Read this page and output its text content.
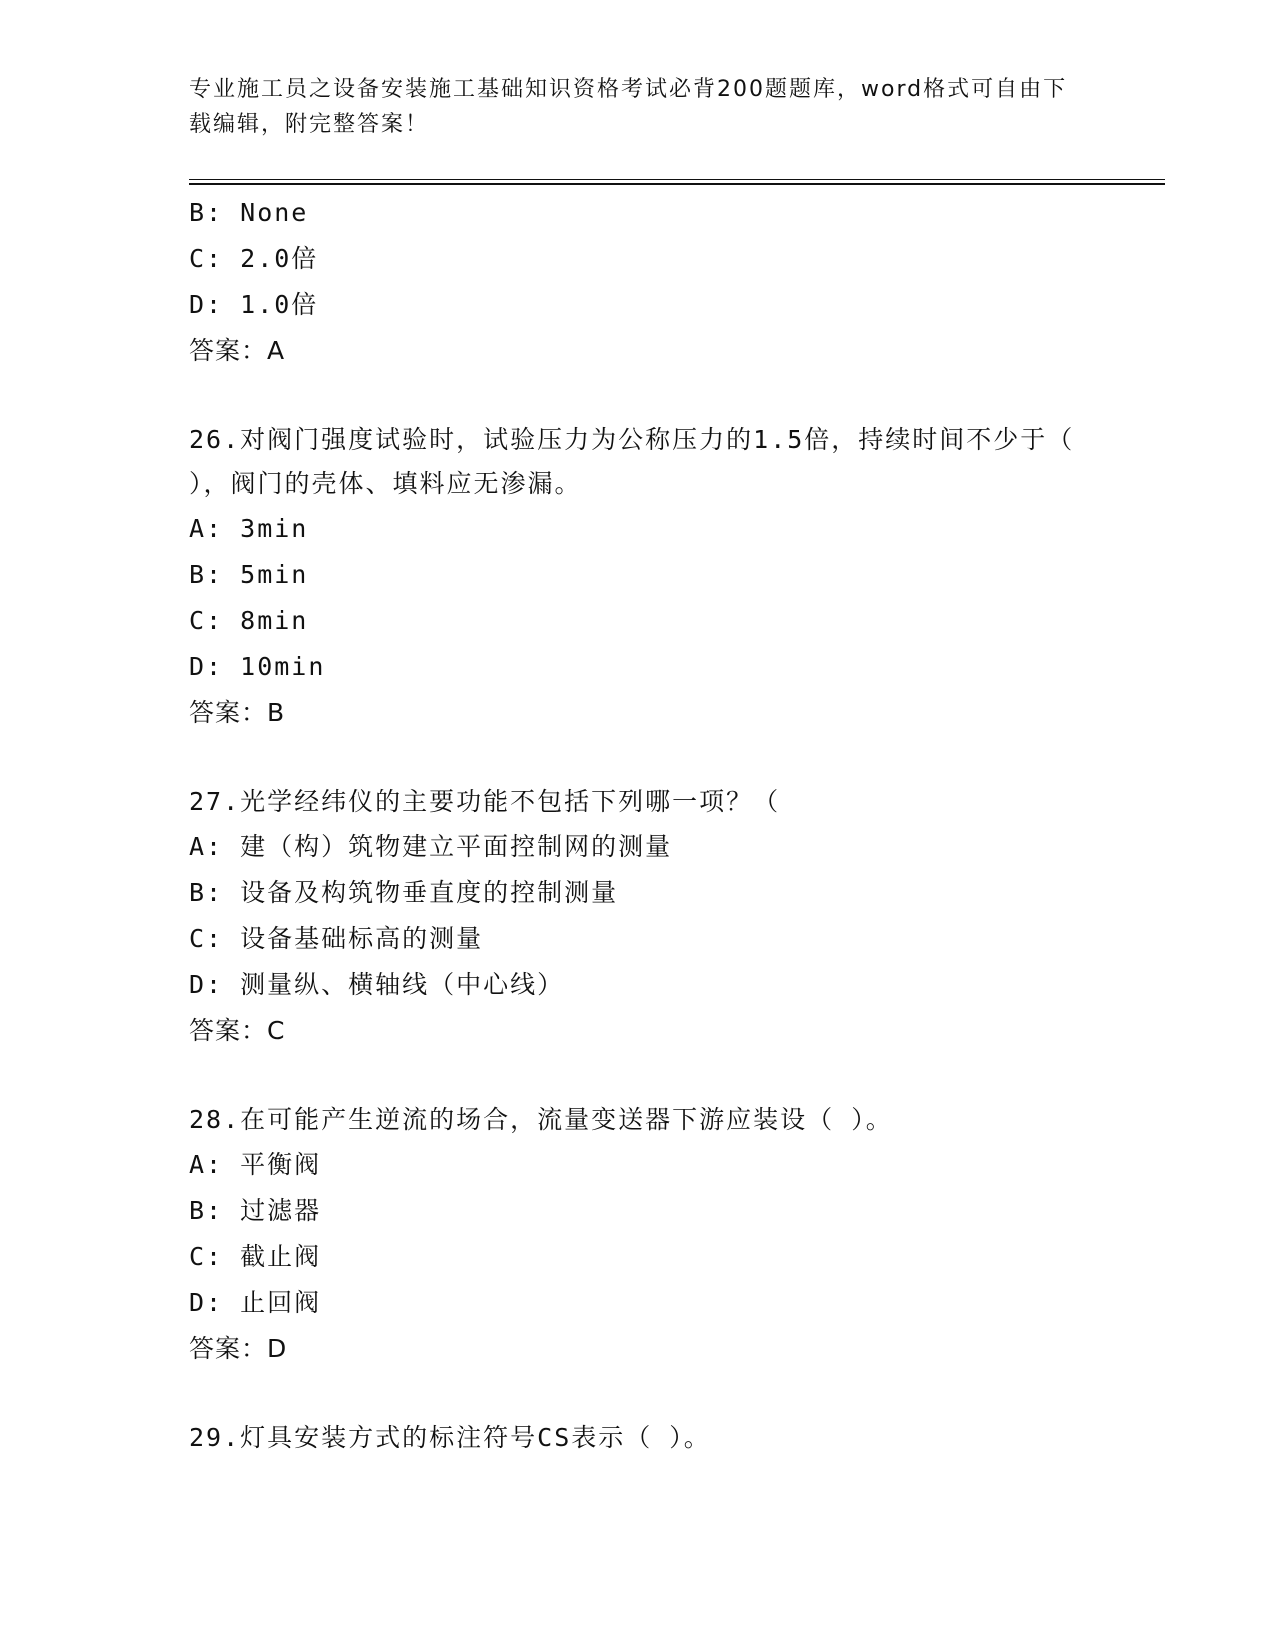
专业施工员之设备安装施工基础知识资格考试必背200题题库，word格式可自由下载编辑，附完整答案！
B: None
C: 2.0倍
D: 1.0倍
答案：A
26.对阀门强度试验时，试验压力为公称压力的1.5倍，持续时间不少于（ ），阀门的壳体、填料应无渗漏。
A: 3min
B: 5min
C: 8min
D: 10min
答案：B
27.光学经纬仪的主要功能不包括下列哪一项？（
A: 建（构）筑物建立平面控制网的测量
B: 设备及构筑物垂直度的控制测量
C: 设备基础标高的测量
D: 测量纵、横轴线（中心线）
答案：C
28.在可能产生逆流的场合，流量变送器下游应装设（ ）。
A: 平衡阀
B: 过滤器
C: 截止阀
D: 止回阀
答案：D
29.灯具安装方式的标注符号CS表示（ ）。
